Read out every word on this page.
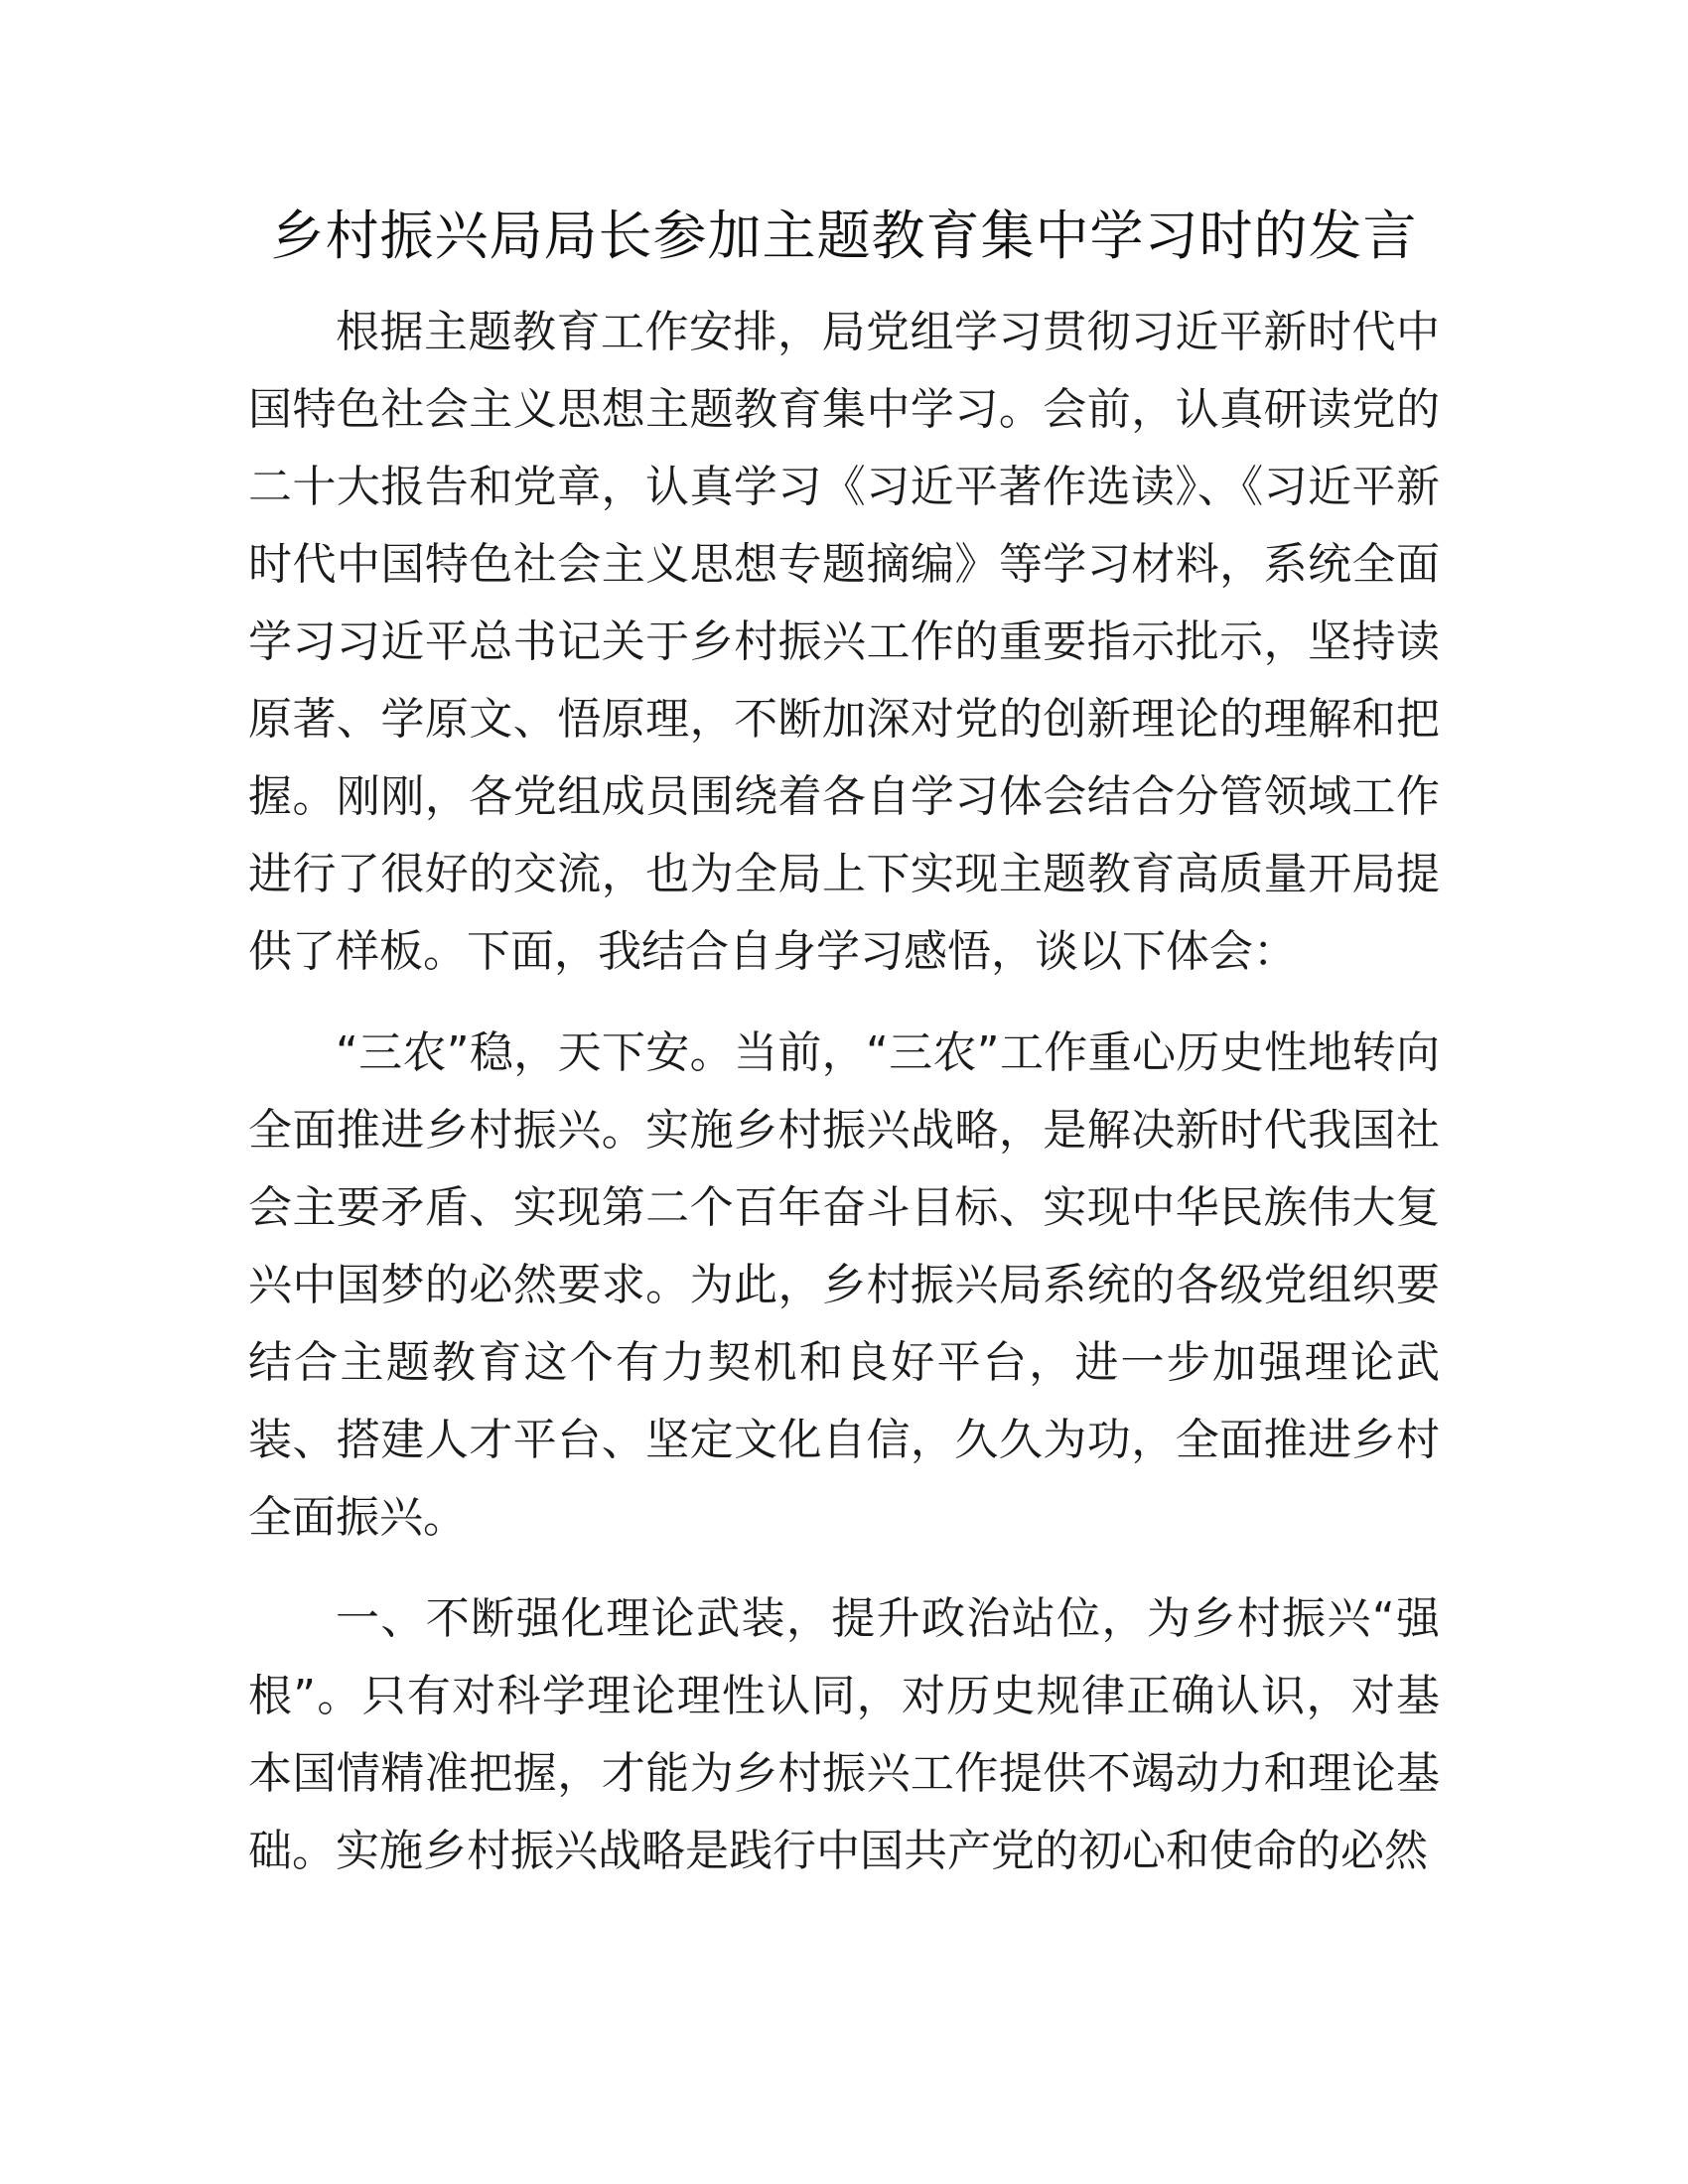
乡村振兴局局长参加主题教育集中学习时的发言

根据主题教育工作安排，局党组学习贯彻习近平新时代中国特色社会主义思想主题教育集中学习。会前，认真研读党的二十大报告和党章，认真学习《习近平著作选读》、《习近平新时代中国特色社会主义思想专题摘编》等学习材料，系统全面学习习近平总书记关于乡村振兴工作的重要指示批示，坚持读原著、学原文、悟原理，不断加深对党的创新理论的理解和把握。刚刚，各党组成员围绕着各自学习体会结合分管领域工作进行了很好的交流，也为全局上下实现主题教育高质量开局提供了样板。下面，我结合自身学习感悟，谈以下体会：

“三农”稳，天下安。当前，“三农”工作重心历史性地转向全面推进乡村振兴。实施乡村振兴战略，是解决新时代我国社会主要矛盾、实现第二个百年奋斗目标、实现中华民族伟大复兴中国梦的必然要求。为此，乡村振兴局系统的各级党组织要结合主题教育这个有力契机和良好平台，进一步加强理论武装、搭建人才平台、坚定文化自信，久久为功，全面推进乡村全面振兴。

一、不断强化理论武装，提升政治站位，为乡村振兴“强根”。只有对科学理论理性认同，对历史规律正确认识，对基本国情精准把握，才能为乡村振兴工作提供不竭动力和理论基础。实施乡村振兴战略是践行中国共产党的初心和使命的必然
